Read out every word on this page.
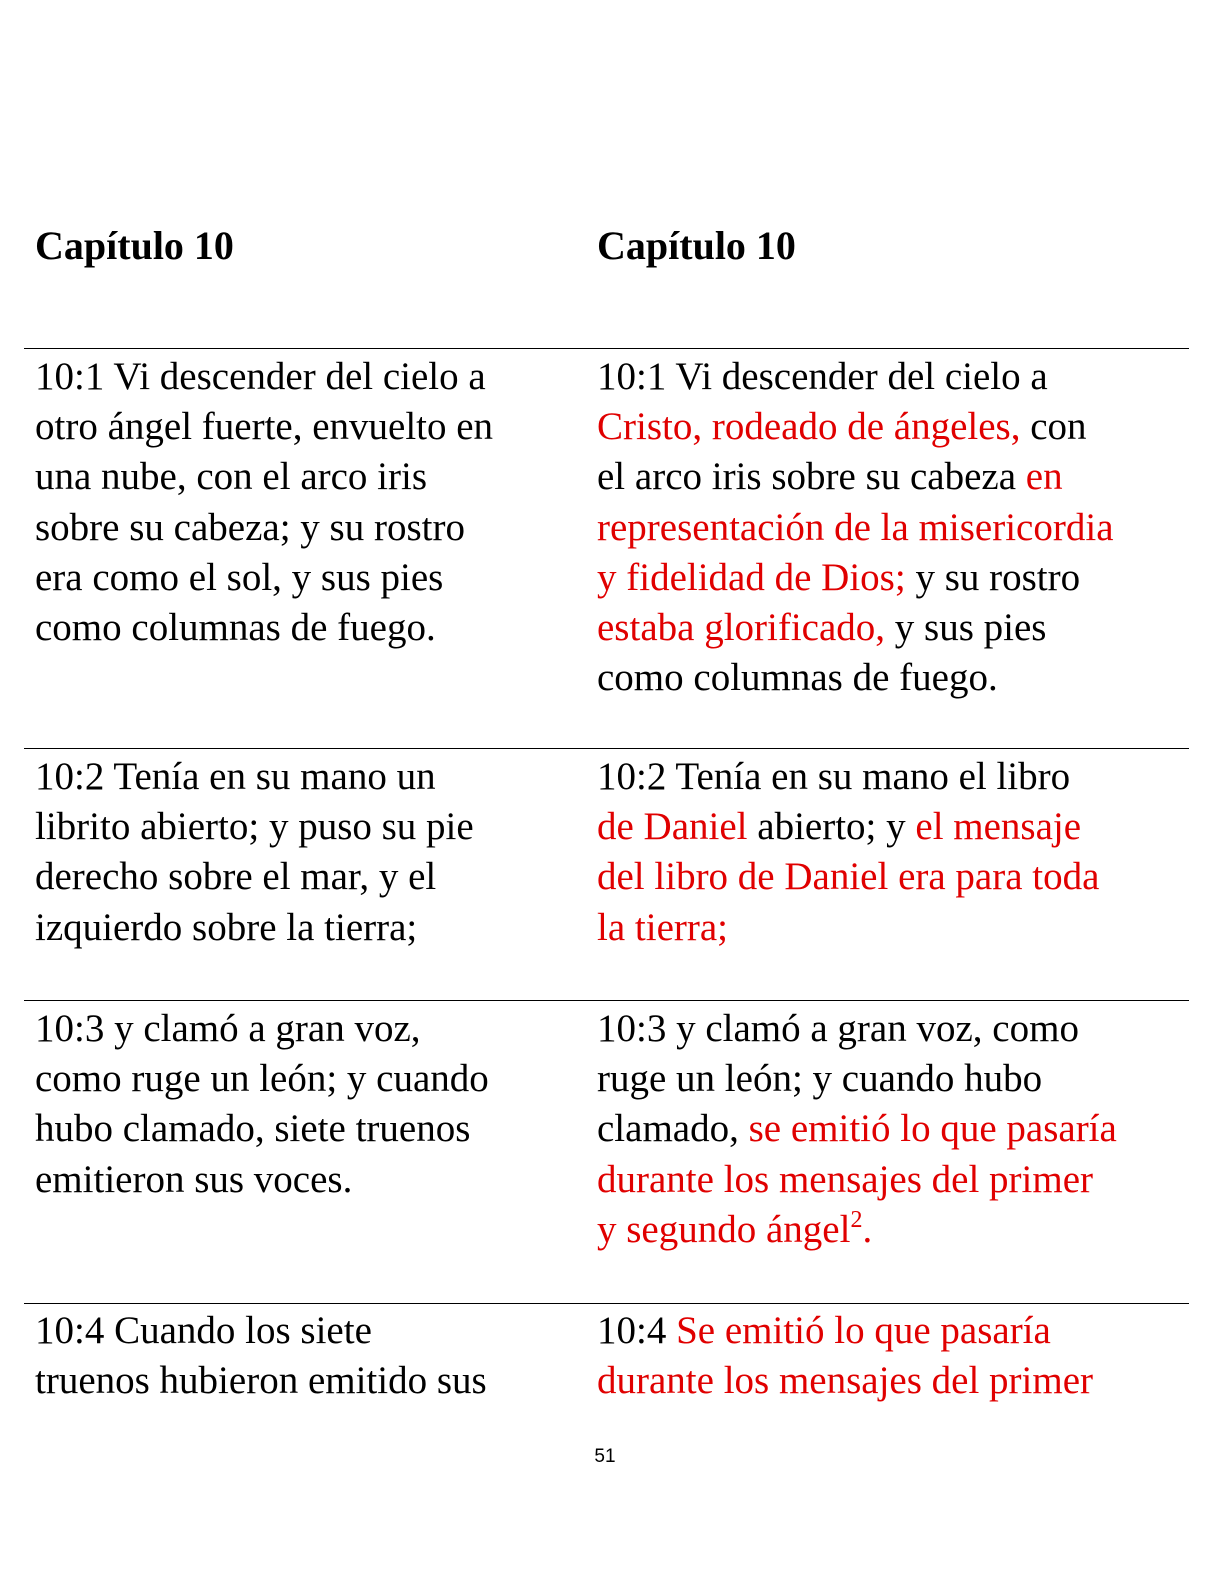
Capítulo 10	Capítulo 10
10:1 Vi descender del cielo a
otro ángel fuerte, envuelto en
una nube, con el arco iris
sobre su cabeza; y su rostro
era como el sol, y sus pies
como columnas de fuego.
10:1 Vi descender del cielo a
Cristo, rodeado de ángeles, con
el arco iris sobre su cabeza en
representación de la misericordia
y fidelidad de Dios; y su rostro
estaba glorificado, y sus pies
como columnas de fuego.
10:2 Tenía en su mano un
librito abierto; y puso su pie
derecho sobre el mar, y el
izquierdo sobre la tierra;
10:2 Tenía en su mano el libro
de Daniel abierto; y el mensaje
del libro de Daniel era para toda
la tierra;
10:3 y clamó a gran voz,
como ruge un león; y cuando
hubo clamado, siete truenos
emitieron sus voces.
10:3 y clamó a gran voz, como
ruge un león; y cuando hubo
clamado, se emitió lo que pasaría
durante los mensajes del primer
y segundo ángel$^2$.
10:4 Cuando los siete
truenos hubieron emitido sus
10:4 Se emitió lo que pasaría
durante los mensajes del primer
51
